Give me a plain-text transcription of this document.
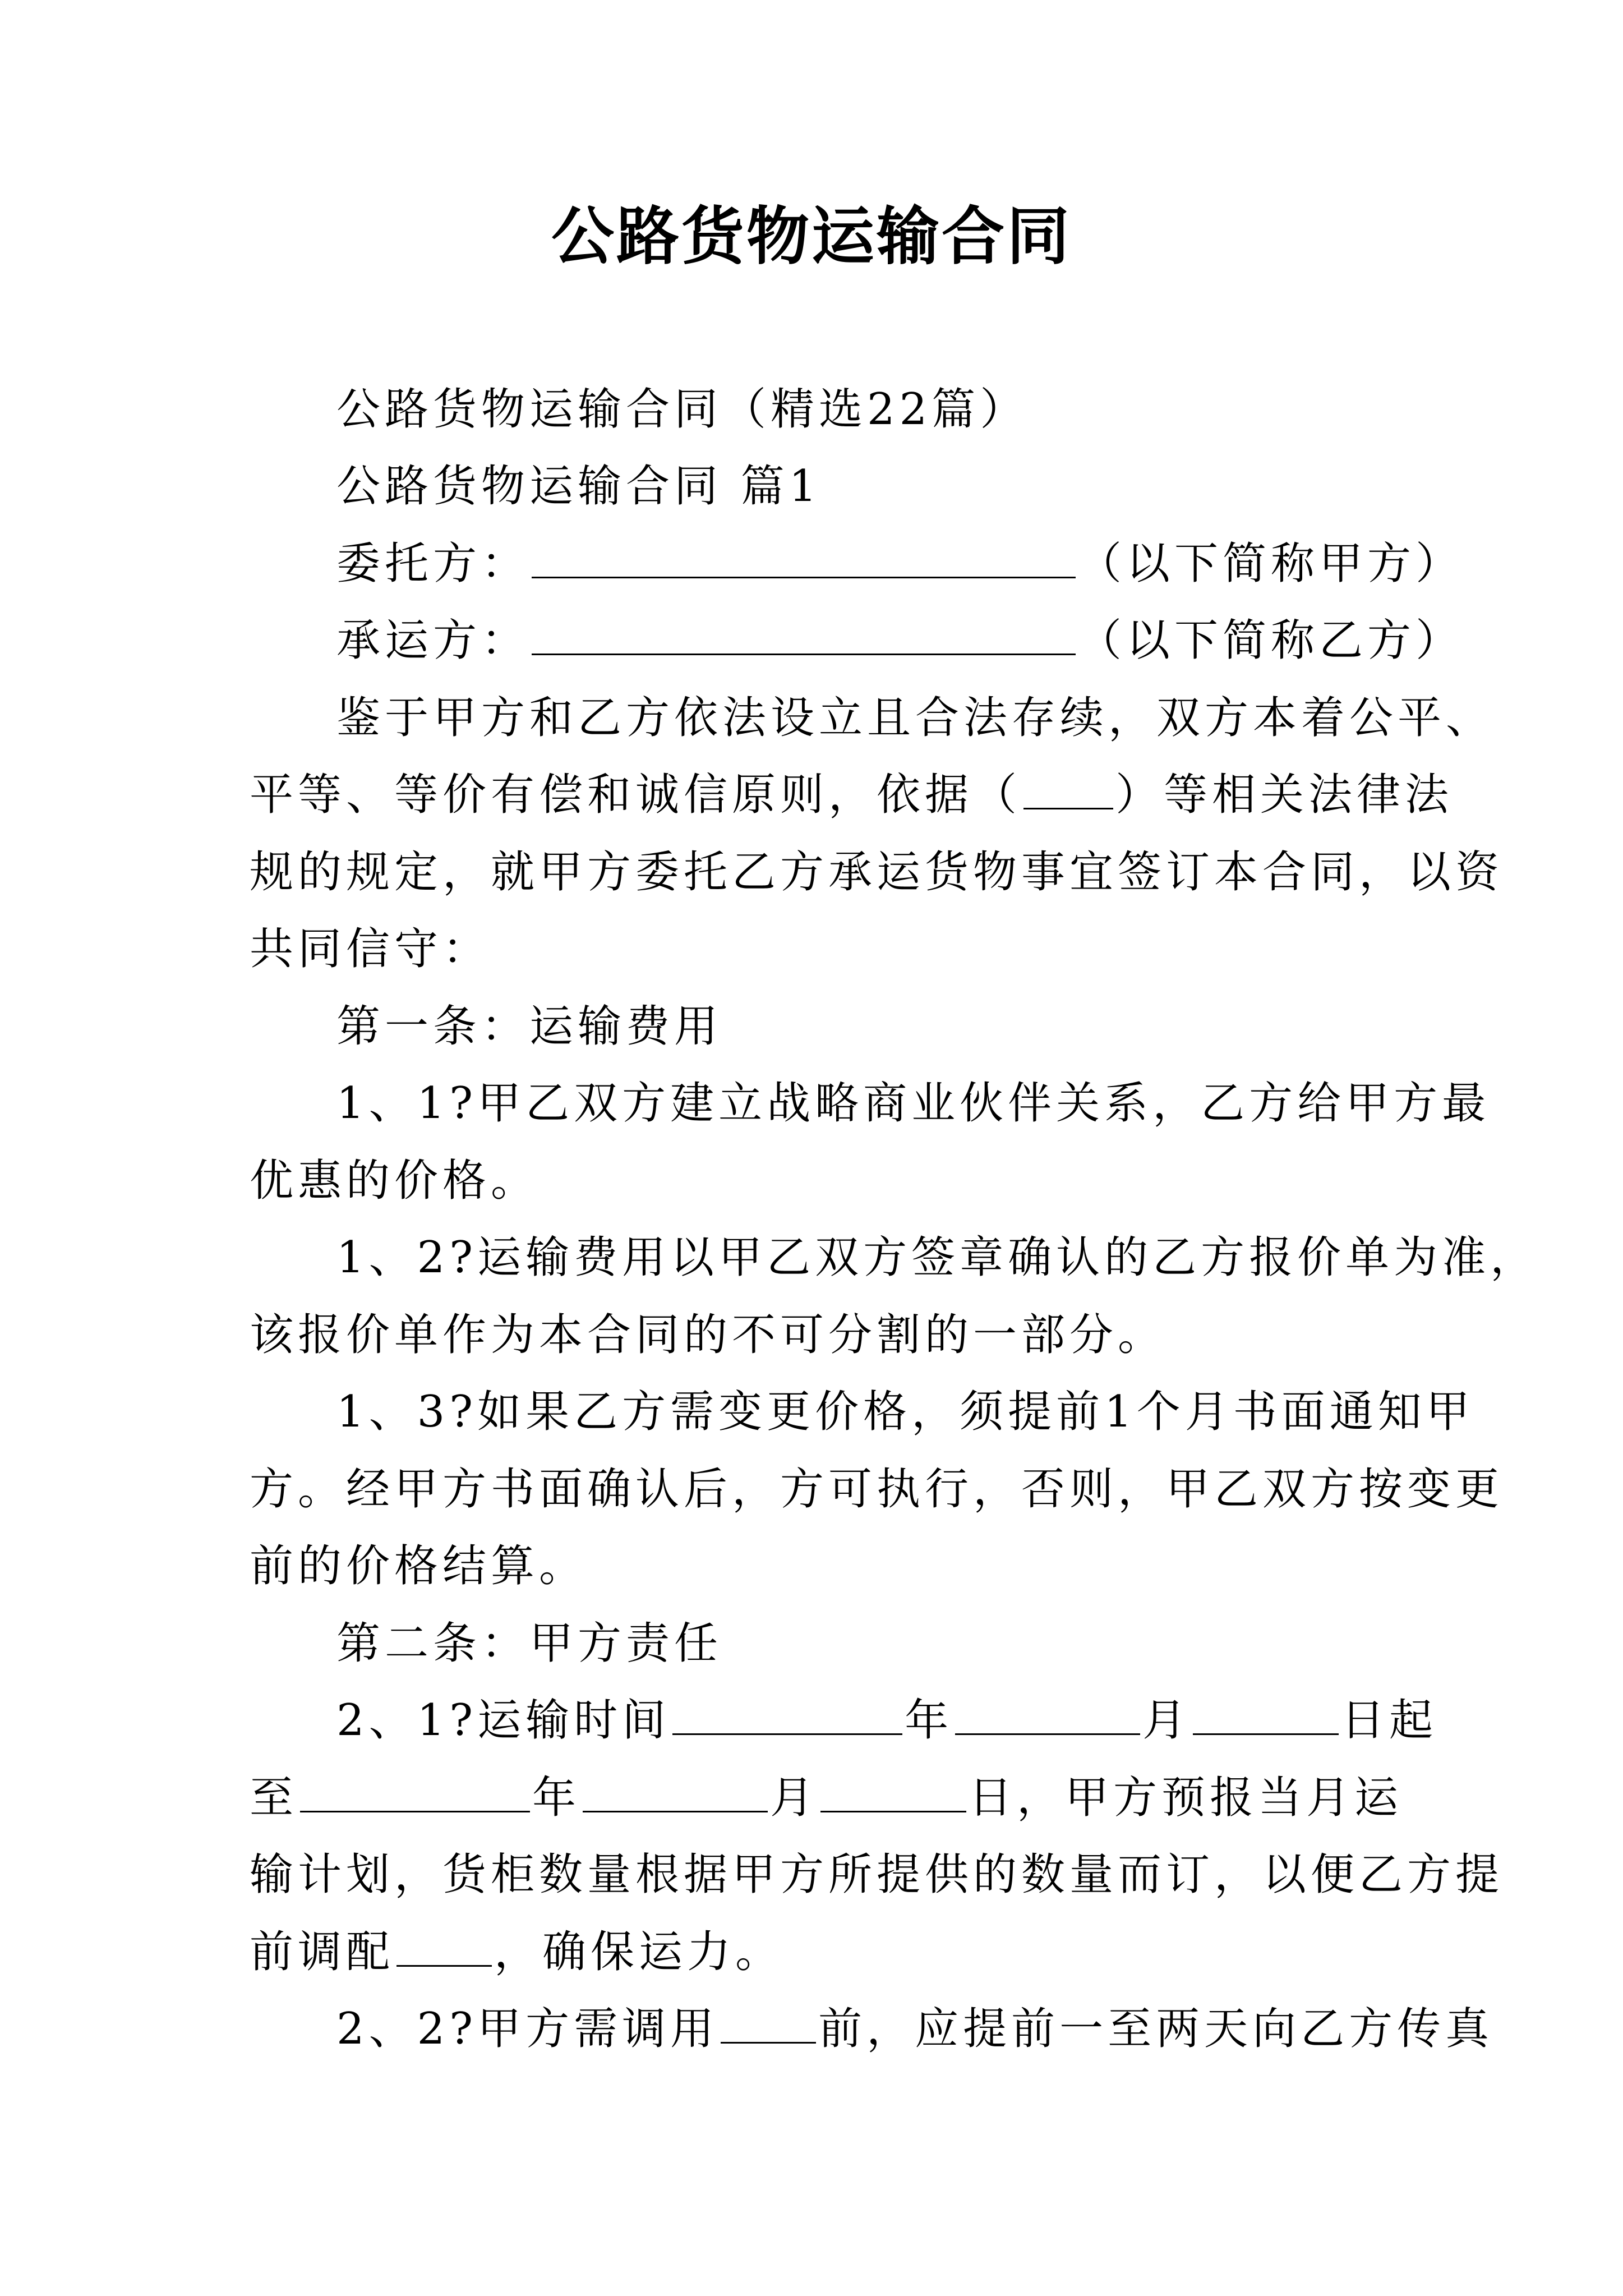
公路货物运输合同
公路货物运输合同（精选22篇）
公路货物运输合同 篇1
委托方：	（以下简称甲方）
承运方：	（以下简称乙方）
鉴于甲方和乙方依法设立且合法存续，双方本着公平、
平等、等价有偿和诚信原则，依据（ ）等相关法律法
规的规定，就甲方委托乙方承运货物事宜签订本合同，以资
共同信守：
第一条：运输费用
1、1?甲乙双方建立战略商业伙伴关系，乙方给甲方最
优惠的价格。
1、2?运输费用以甲乙双方签章确认的乙方报价单为准，
该报价单作为本合同的不可分割的一部分。
1、3?如果乙方需变更价格，须提前1个月书面通知甲
方。经甲方书面确认后，方可执行，否则，甲乙双方按变更
前的价格结算。
第二条：甲方责任
2、1?运输时间	年	月	日起
至	年	月	日，甲方预报当月运
输计划，货柜数量根据甲方所提供的数量而订，以便乙方提
前调配 ，确保运力。
2、2?甲方需调用 前，应提前一至两天向乙方传真
